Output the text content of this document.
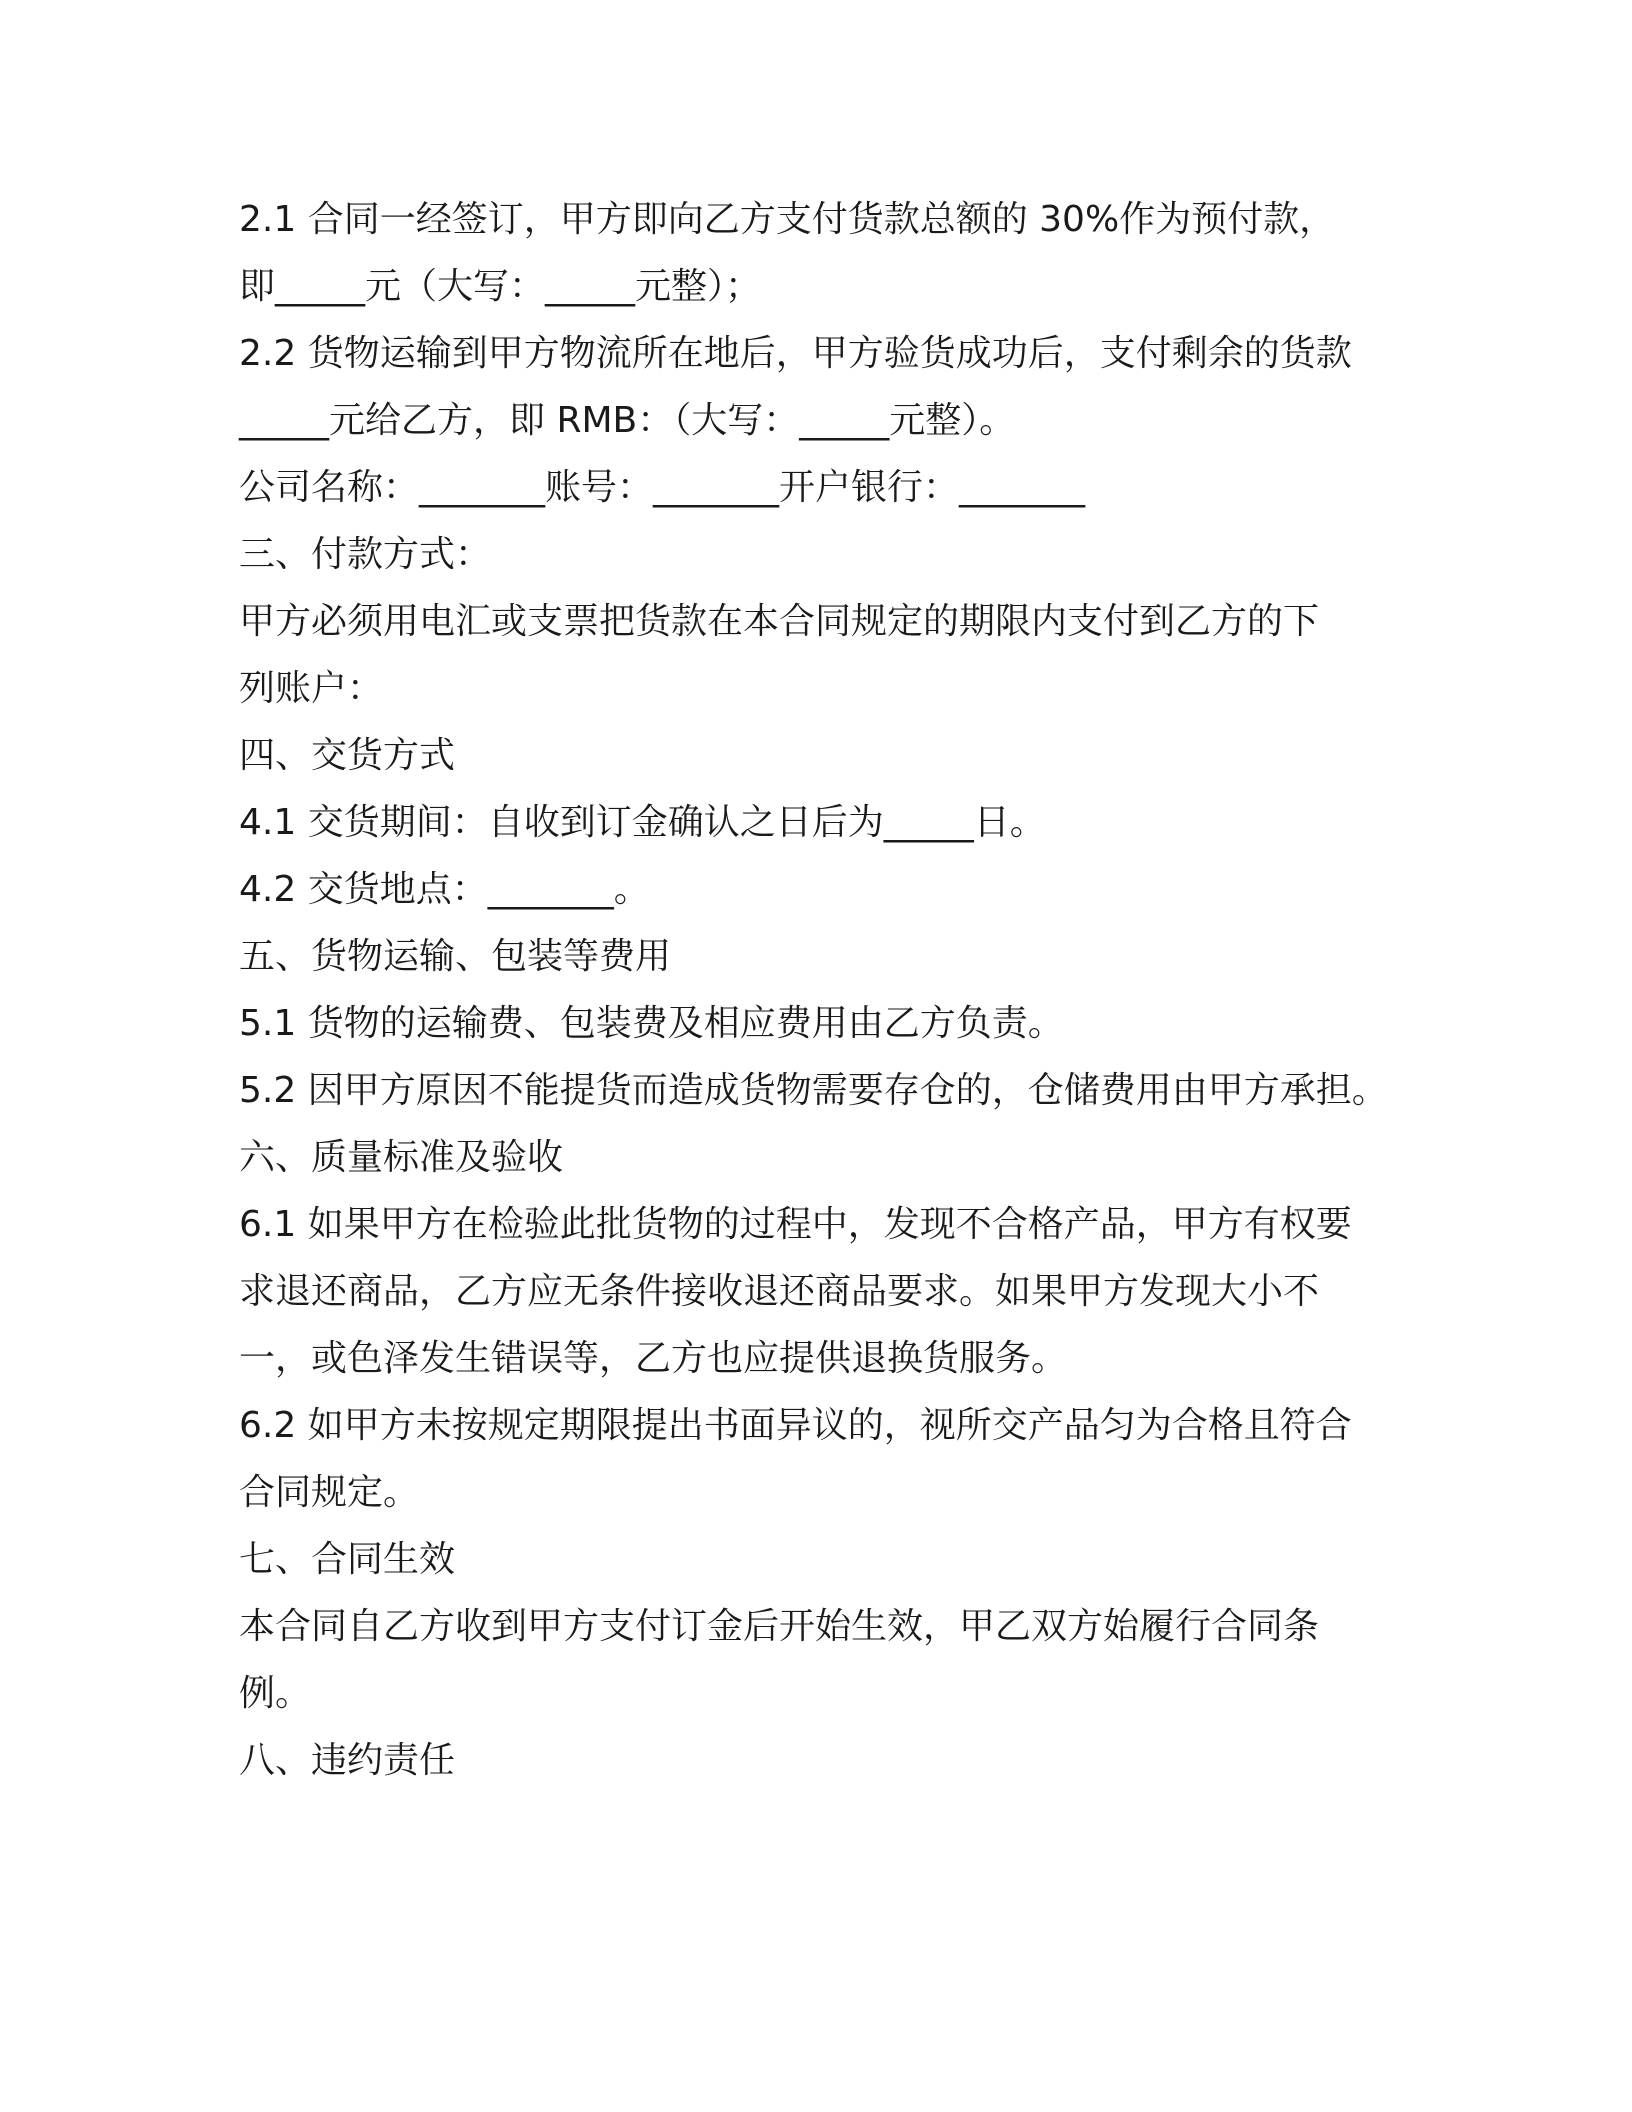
2.1 合同一经签订，甲方即向乙方支付货款总额的 30%作为预付款，
即_____元（大写：_____元整）；
2.2 货物运输到甲方物流所在地后，甲方验货成功后，支付剩余的货款
_____元给乙方，即 RMB：（大写：_____元整）。
公司名称：_______账号：_______开户银行：_______
三、付款方式：
甲方必须用电汇或支票把货款在本合同规定的期限内支付到乙方的下
列账户：
四、交货方式
4.1 交货期间：自收到订金确认之日后为_____日。
4.2 交货地点：_______。
五、货物运输、包装等费用
5.1 货物的运输费、包装费及相应费用由乙方负责。
5.2 因甲方原因不能提货而造成货物需要存仓的，仓储费用由甲方承担。
六、质量标准及验收
6.1 如果甲方在检验此批货物的过程中，发现不合格产品，甲方有权要
求退还商品，乙方应无条件接收退还商品要求。如果甲方发现大小不
一，或色泽发生错误等，乙方也应提供退换货服务。
6.2 如甲方未按规定期限提出书面异议的，视所交产品匀为合格且符合
合同规定。
七、合同生效
本合同自乙方收到甲方支付订金后开始生效，甲乙双方始履行合同条
例。
八、违约责任
